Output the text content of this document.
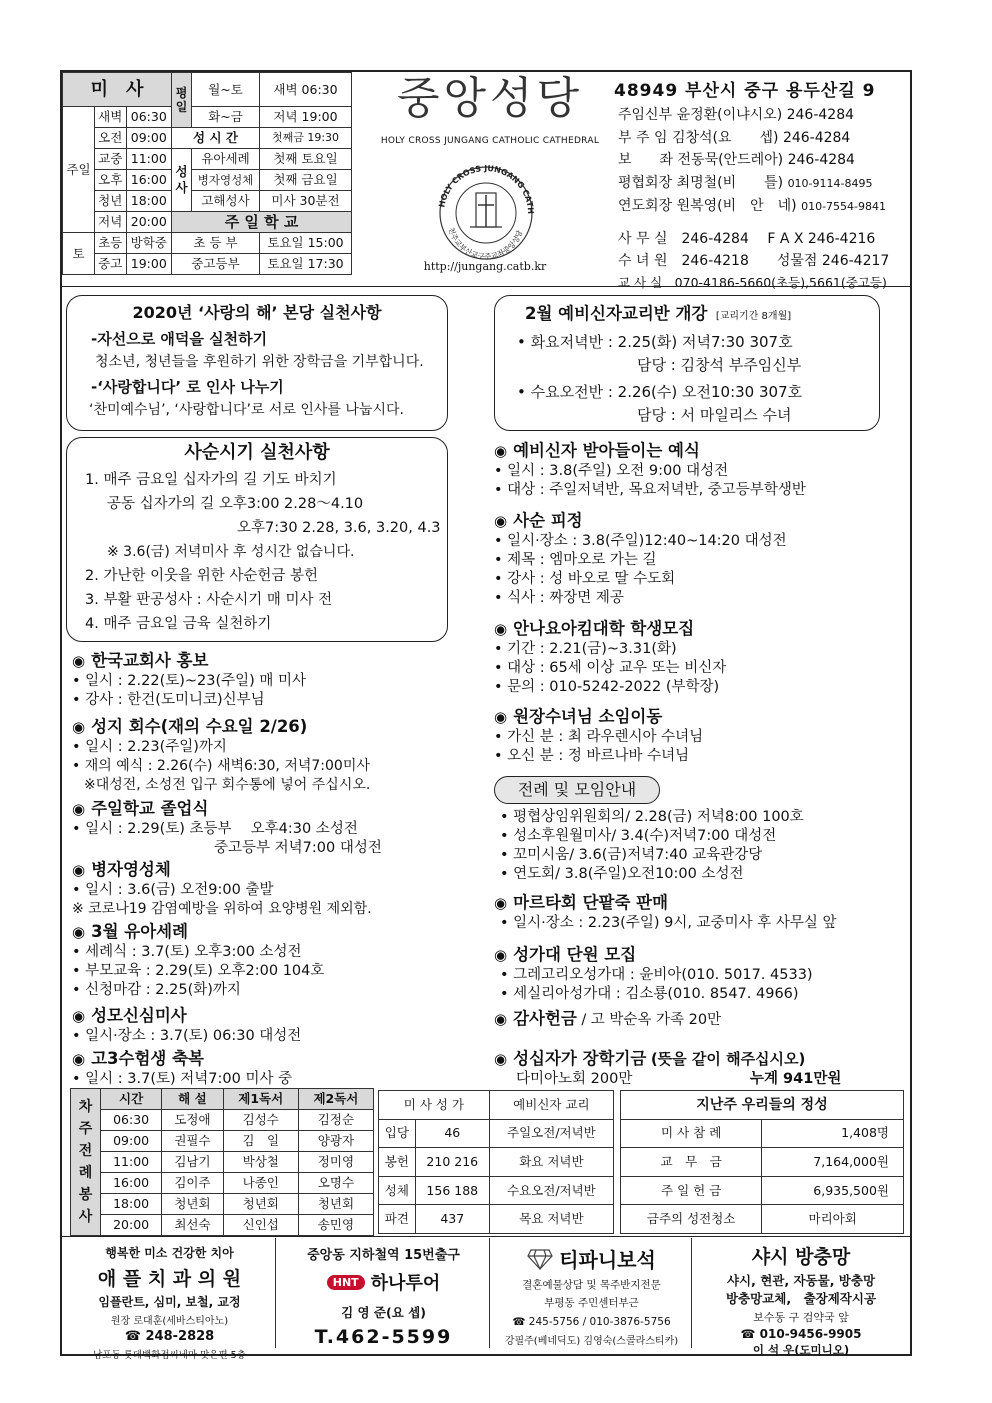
미　사			평일	월~토	새벽 06:30
주일	새벽	06:30		화~금	저녁 19:00
	오전	09:00	성 시 간		첫째금 19:30
	교중	11:00	성사	유아세례	첫째 토요일
	오후	16:00		병자영성체	첫째 금요일
	청년	18:00		고해성사	미사 30분전
	저녁	20:00	주 일 학 교		
토	초등	방학중	초 등 부		토요일 15:00
	중고	19:00	중고등부		토요일 17:30
중앙성당
HOLY CROSS JUNGANG CATHOLIC CATHEDRAL
HOLY CROSS JUNGANG CATH
천주교부산교구주교좌중앙성당
http://jungang.catb.kr
48949 부산시 중구 용두산길 9
주임신부 윤정환(이냐시오) 246-4284
부 주 임 김창석(요　　셉) 246-4284
보　　좌 전동묵(안드레아) 246-4284
평협회장 최명철(비　　틀) 010-9114-8495
연도회장 원복영(비　안　네) 010-7554-9841
사 무 실　246-4284　 F A X 246-4216
수 녀 원　246-4218　　성물점 246-4217
교 사 실　070-4186-5660(초등),5661(중고등)
2020년 ‘사랑의 해’ 본당 실천사항
-자선으로 애덕을 실천하기
청소년, 청년들을 후원하기 위한 장학금을 기부합니다.
-‘사랑합니다’ 로 인사 나누기
‘찬미예수님’, ‘사랑합니다’로 서로 인사를 나눕시다.
2월 예비신자교리반 개강 [교리기간 8개월]
• 화요저녁반 : 2.25(화) 저녁7:30 307호
담당 : 김창석 부주임신부
• 수요오전반 : 2.26(수) 오전10:30 307호
담당 : 서 마일리스 수녀
사순시기 실천사항
1. 매주 금요일 십자가의 길 기도 바치기
공동 십자가의 길 오후3:00 2.28～4.10
오후7:30 2.28, 3.6, 3.20, 4.3
※ 3.6(금) 저녁미사 후 성시간 없습니다.
2. 가난한 이웃을 위한 사순헌금 봉헌
3. 부활 판공성사 : 사순시기 매 미사 전
4. 매주 금요일 금육 실천하기
◉ 한국교회사 홍보
• 일시 : 2.22(토)~23(주일) 매 미사
• 강사 : 한건(도미니코)신부님
◉ 성지 회수(재의 수요일 2/26)
• 일시 : 2.23(주일)까지
• 재의 예식 : 2.26(수) 새벽6:30, 저녁7:00미사
※대성전, 소성전 입구 회수통에 넣어 주십시오.
◉ 주일학교 졸업식
• 일시 : 2.29(토) 초등부　 오후4:30 소성전
중고등부 저녁7:00 대성전
◉ 병자영성체
• 일시 : 3.6(금) 오전9:00 출발
※ 코로나19 감염예방을 위하여 요양병원 제외함.
◉ 3월 유아세례
• 세례식 : 3.7(토) 오후3:00 소성전
• 부모교육 : 2.29(토) 오후2:00 104호
• 신청마감 : 2.25(화)까지
◉ 성모신심미사
• 일시·장소 : 3.7(토) 06:30 대성전
◉ 고3수험생 축복
• 일시 : 3.7(토) 저녁7:00 미사 중
◉ 예비신자 받아들이는 예식
• 일시 : 3.8(주일) 오전 9:00 대성전
• 대상 : 주일저녁반, 목요저녁반, 중고등부학생반
◉ 사순 피정
• 일시·장소 : 3.8(주일)12:40~14:20 대성전
• 제목 : 엠마오로 가는 길
• 강사 : 성 바오로 딸 수도회
• 식사 : 짜장면 제공
◉ 안나요아킴대학 학생모집
• 기간 : 2.21(금)~3.31(화)
• 대상 : 65세 이상 교우 또는 비신자
• 문의 : 010-5242-2022 (부학장)
◉ 원장수녀님 소임이동
• 가신 분 : 최 라우렌시아 수녀님
• 오신 분 : 정 바르나바 수녀님
전례 및 모임안내
• 평협상임위원회의/ 2.28(금) 저녁8:00 100호
• 성소후원월미사/ 3.4(수)저녁7:00 대성전
• 꼬미시움/ 3.6(금)저녁7:40 교육관강당
• 연도회/ 3.8(주일)오전10:00 소성전
◉ 마르타회 단팥죽 판매
• 일시·장소 : 2.23(주일) 9시, 교중미사 후 사무실 앞
◉ 성가대 단원 모집
• 그레고리오성가대 : 윤비아(010. 5017. 4533)
• 세실리아성가대 : 김소룡(010. 8547. 4966)
◉ 감사헌금 / 고 박순옥 가족 20만
◉ 성십자가 장학기금 (뜻을 같이 해주십시오)
다미아노회 200만	누계 941만원
차주전례봉사	시간	해 설	제1독서	제2독서
	06:30	도정애	김성수	김정순
	09:00	권필수	김　일	양광자
	11:00	김남기	박상철	정미영
	16:00	김이주	나종인	오명수
	18:00	청년회	청년회	청년회
	20:00	최선숙	신인섭	송민영
미 사 성 가		예비신자 교리
입당	46	주일오전/저녁반
봉헌	210 216	화요 저녁반
성체	156 188	수요오전/저녁반
파견	437	목요 저녁반
지난주 우리들의 정성	
미 사 참 례	1,408명
교　무　금	7,164,000원
주 일 헌 금	6,935,500원
금주의 성전청소	마리아회
행복한 미소 건강한 치아
애 플 치 과 의 원
임플란트, 심미, 보철, 교정
원장 로대훈(세바스티아노)
☎ 248-2828
남포동 롯데백화점씨네마 맞은편 5층
중앙동 지하철역 15번출구
HNT 하나투어
김 영 준(요 셉)
T.462-5599
티파니보석
결혼예물상담 및 목주반지전문
부평동 주민센터부근
☎ 245-5756 / 010-3876-5756
강필주(베네딕도) 김영숙(스콜라스티카)
샤시 방충망
샤시, 현관, 자동물, 방충망
방충망교체,　출장제작시공
보수동 구 검약국 앞
☎ 010-9456-9905
이 석 우(도미니오)
